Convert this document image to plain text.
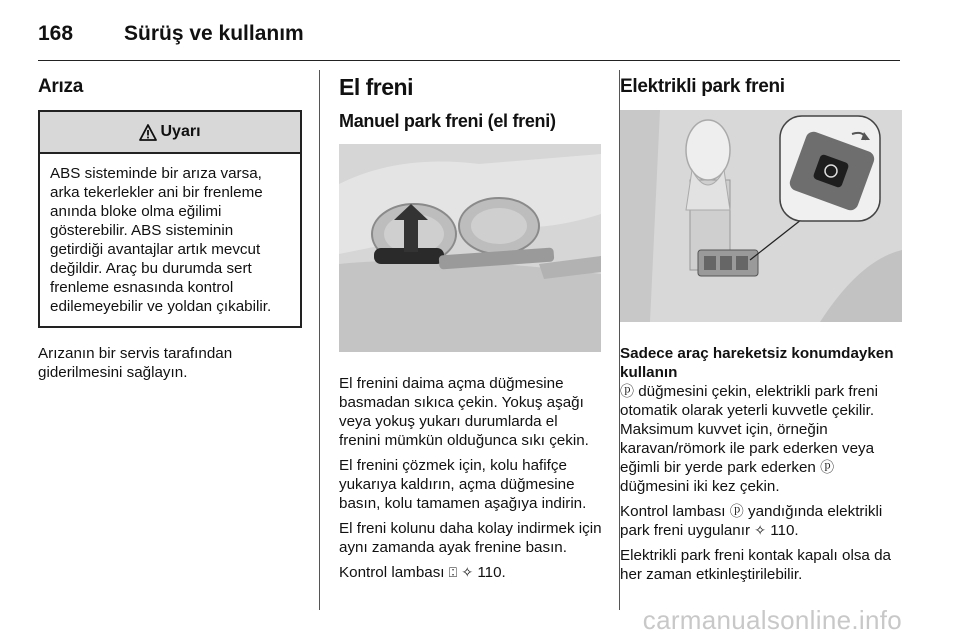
168 Sürüş ve kullanım
Arıza
Uyarı
ABS sisteminde bir arıza varsa, arka tekerlekler ani bir frenleme anında bloke olma eğilimi gösterebilir. ABS sisteminin getirdiği avantajlar artık mevcut değildir. Araç bu durumda sert frenleme esnasında kontrol edilemeyebilir ve yoldan çıkabilir.

Arızanın bir servis tarafından giderilmesini sağlayın.

El freni
Manuel park freni (el freni)

El frenini daima açma düğmesine basmadan sıkıca çekin. Yokuş aşağı veya yokuş yukarı durumlarda el frenini mümkün olduğunca sıkı çekin.

El frenini çözmek için, kolu hafifçe yukarıya kaldırın, açma düğmesine basın, kolu tamamen aşağıya indirin.

El freni kolunu daha kolay indirmek için aynı zamanda ayak frenine basın.

Kontrol lambası ⍠ ✧ 110.

Elektrikli park freni

Sadece araç hareketsiz konumdayken kullanın

ⓟ düğmesini çekin, elektrikli park freni otomatik olarak yeterli kuvvetle çekilir. Maksimum kuvvet için, örneğin karavan/römork ile park ederken veya eğimli bir yerde park ederken ⓟ düğmesini iki kez çekin.

Kontrol lambası ⓟ yandığında elektrikli park freni uygulanır ✧ 110.

Elektrikli park freni kontak kapalı olsa da her zaman etkinleştirilebilir.

carmanualsonline.info
